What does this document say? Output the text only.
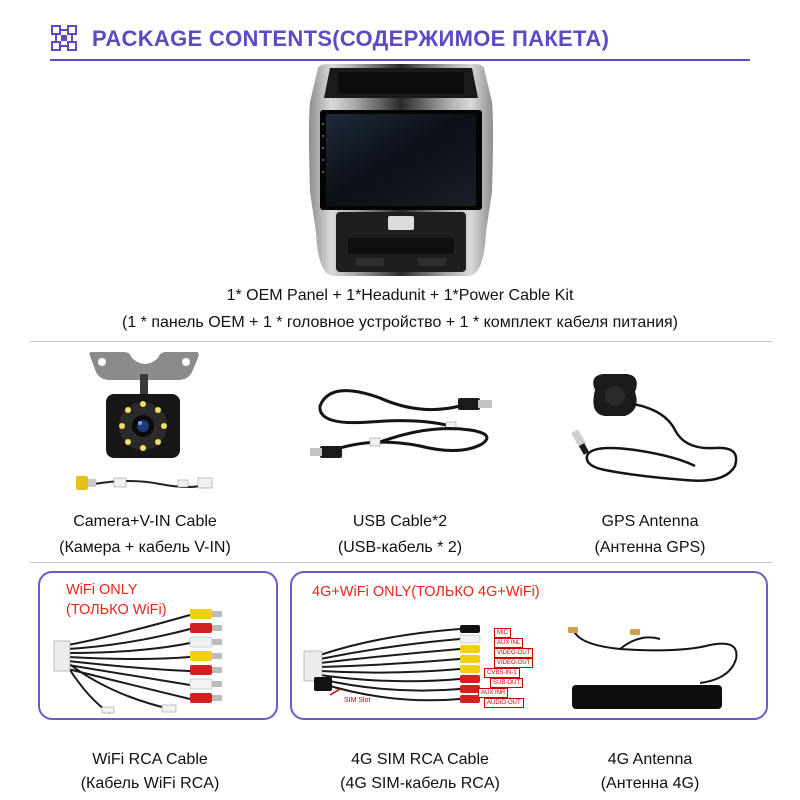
PACKAGE CONTENTS(СОДЕРЖИМОЕ ПАКЕТА)
1* OEM Panel + 1*Headunit + 1*Power Cable Kit
(1 * панель OEM + 1 * головное устройство + 1 * комплект кабеля питания)
Camera+V-IN Cable
(Камера + кабель V-IN)
USB Cable*2
(USB-кабель * 2)
GPS Antenna
(Антенна GPS)
WiFi ONLY
(ТОЛЬКО WiFi)
WiFi RCA Cable
(Кабель WiFi RCA)
4G+WiFi ONLY(ТОЛЬКО 4G+WiFi)
SIM Slot
MIC
AUX INL
VIDEO-OUT
VIDEO-OUT
CVBS-IN-1
SUB-OUT
AUX INR
AUDIO-OUT
4G SIM RCA Cable
(4G SIM-кабель RCA)
4G Antenna
(Антенна 4G)
